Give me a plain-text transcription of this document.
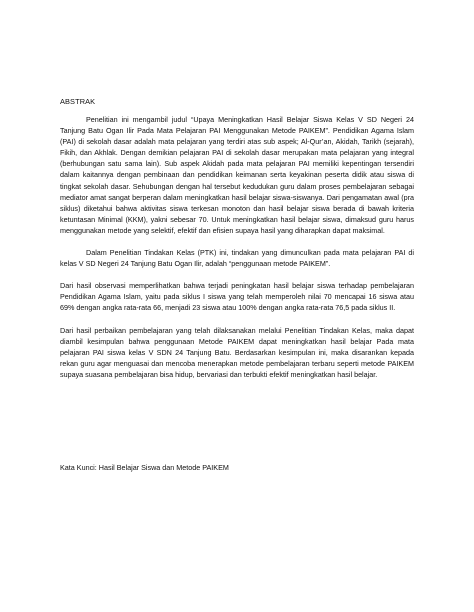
ABSTRAK

Penelitian ini mengambil judul “Upaya Meningkatkan Hasil Belajar Siswa Kelas V SD Negeri 24 Tanjung Batu Ogan Ilir Pada Mata Pelajaran PAI Menggunakan Metode PAIKEM”. Pendidikan Agama Islam (PAI) di sekolah dasar adalah mata pelajaran yang terdiri atas sub aspek; Al-Qur’an, Akidah, Tarikh (sejarah), Fikih, dan Akhlak. Dengan demikian pelajaran PAI di sekolah dasar merupakan mata pelajaran yang integral (berhubungan satu sama lain). Sub aspek Akidah pada mata pelajaran PAI memiliki kepentingan tersendiri dalam kaitannya dengan pembinaan dan pendidikan keimanan serta keyakinan peserta didik atau siswa di tingkat sekolah dasar. Sehubungan dengan hal tersebut kedudukan guru dalam proses pembelajaran sebagai mediator amat sangat berperan dalam meningkatkan hasil belajar siswa-siswanya. Dari pengamatan awal (pra siklus) diketahui bahwa aktivitas siswa terkesan monoton dan hasil belajar siswa berada di bawah kriteria ketuntasan Minimal (KKM), yakni sebesar 70. Untuk meningkatkan hasil belajar siswa, dimaksud guru harus menggunakan metode yang selektif, efektif dan efisien supaya hasil yang diharapkan dapat maksimal.

Dalam Penelitian Tindakan Kelas (PTK) ini, tindakan yang dimunculkan pada mata pelajaran PAI di kelas V SD Negeri 24 Tanjung Batu Ogan Ilir, adalah “penggunaan metode PAIKEM”.

Dari hasil observasi memperlihatkan bahwa terjadi peningkatan hasil belajar siswa terhadap pembelajaran Pendidikan Agama Islam, yaitu pada siklus I siswa yang telah memperoleh nilai 70 mencapai 16 siswa atau 69% dengan angka rata-rata 66, menjadi 23 siswa atau 100% dengan angka rata-rata 76,5 pada siklus II.

Dari hasil perbaikan pembelajaran yang telah dilaksanakan melalui Penelitian Tindakan Kelas, maka dapat diambil kesimpulan bahwa penggunaan Metode PAIKEM dapat meningkatkan hasil belajar Pada mata pelajaran PAI siswa kelas V SDN 24 Tanjung Batu. Berdasarkan kesimpulan ini, maka disarankan kepada rekan guru agar menguasai dan mencoba menerapkan metode pembelajaran terbaru seperti metode PAIKEM supaya suasana pembelajaran bisa hidup, bervariasi dan terbukti efektif meningkatkan hasil belajar.

Kata Kunci: Hasil Belajar Siswa dan Metode PAIKEM
